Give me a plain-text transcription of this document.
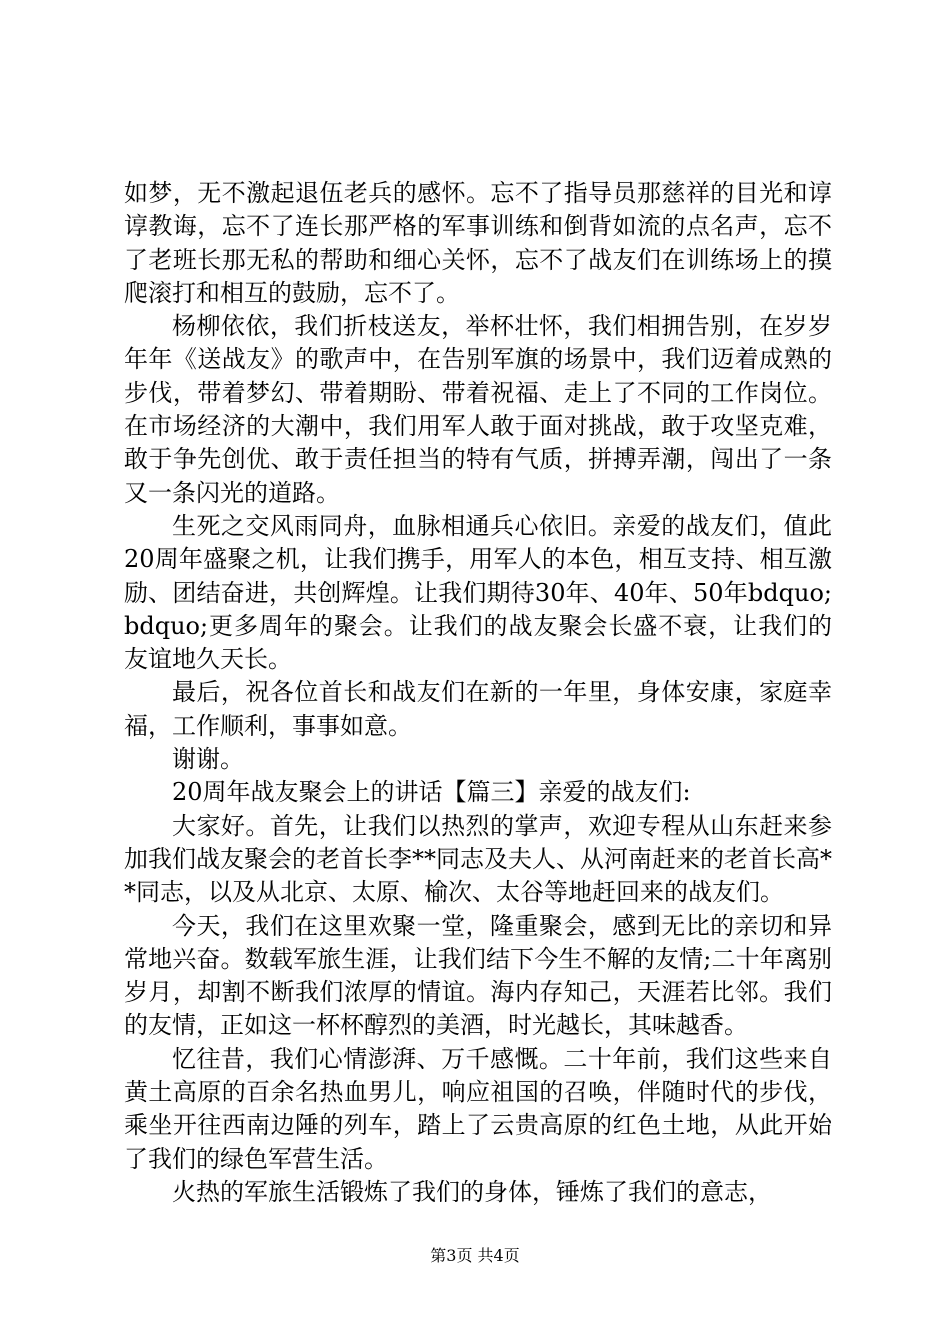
如梦，无不激起退伍老兵的感怀。忘不了指导员那慈祥的目光和谆谆教诲，忘不了连长那严格的军事训练和倒背如流的点名声，忘不了老班长那无私的帮助和细心关怀，忘不了战友们在训练场上的摸爬滚打和相互的鼓励，忘不了。

杨柳依依，我们折枝送友，举杯壮怀，我们相拥告别，在岁岁年年《送战友》的歌声中，在告别军旗的场景中，我们迈着成熟的步伐，带着梦幻、带着期盼、带着祝福、走上了不同的工作岗位。在市场经济的大潮中，我们用军人敢于面对挑战，敢于攻坚克难，敢于争先创优、敢于责任担当的特有气质，拼搏弄潮，闯出了一条又一条闪光的道路。

生死之交风雨同舟，血脉相通兵心依旧。亲爱的战友们，值此20周年盛聚之机，让我们携手，用军人的本色，相互支持、相互激励、团结奋进，共创辉煌。让我们期待30年、40年、50年bdquo;bdquo;更多周年的聚会。让我们的战友聚会长盛不衰，让我们的友谊地久天长。

最后，祝各位首长和战友们在新的一年里，身体安康，家庭幸福，工作顺利，事事如意。

谢谢。

20周年战友聚会上的讲话【篇三】亲爱的战友们:

大家好。首先，让我们以热烈的掌声，欢迎专程从山东赶来参加我们战友聚会的老首长李**同志及夫人、从河南赶来的老首长高**同志，以及从北京、太原、榆次、太谷等地赶回来的战友们。

今天，我们在这里欢聚一堂，隆重聚会，感到无比的亲切和异常地兴奋。数载军旅生涯，让我们结下今生不解的友情;二十年离别岁月，却割不断我们浓厚的情谊。海内存知己，天涯若比邻。我们的友情，正如这一杯杯醇烈的美酒，时光越长，其味越香。

忆往昔，我们心情澎湃、万千感慨。二十年前，我们这些来自黄土高原的百余名热血男儿，响应祖国的召唤，伴随时代的步伐，乘坐开往西南边陲的列车，踏上了云贵高原的红色土地，从此开始了我们的绿色军营生活。

火热的军旅生活锻炼了我们的身体，锤炼了我们的意志，

第3页 共4页
